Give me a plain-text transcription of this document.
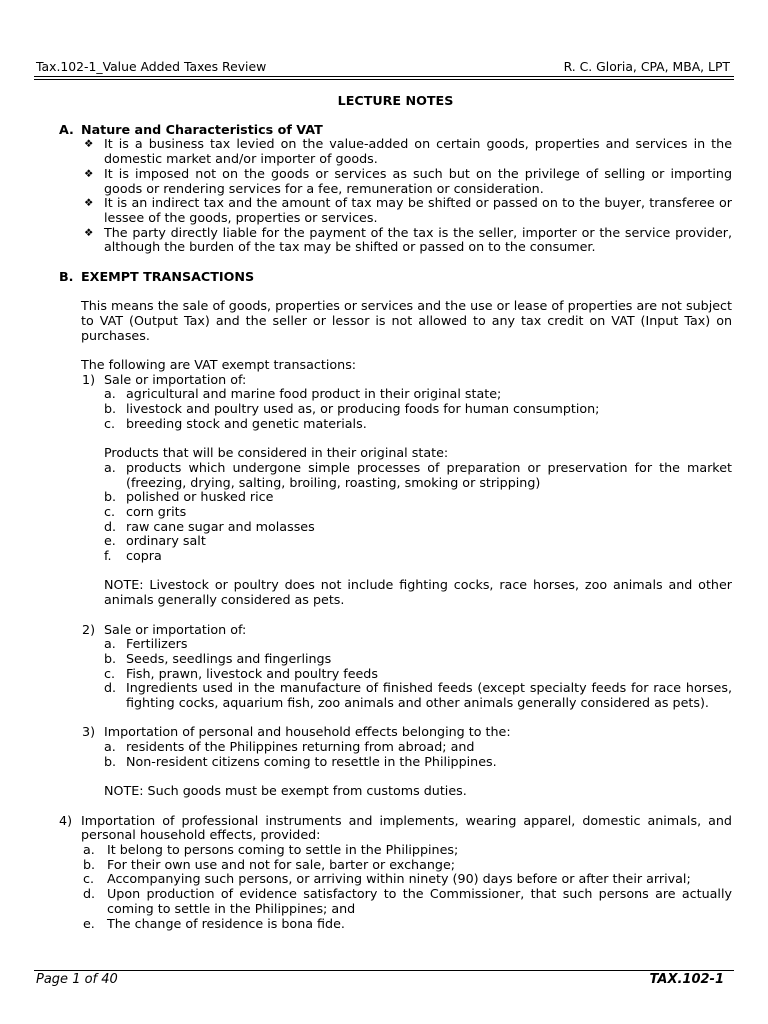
Tax.102-1_Value Added Taxes Review	R. C. Gloria, CPA, MBA, LPT
LECTURE NOTES
A. Nature and Characteristics of VAT
❖ It is a business tax levied on the value-added on certain goods, properties and services in the domestic market and/or importer of goods.
❖ It is imposed not on the goods or services as such but on the privilege of selling or importing goods or rendering services for a fee, remuneration or consideration.
❖ It is an indirect tax and the amount of tax may be shifted or passed on to the buyer, transferee or lessee of the goods, properties or services.
❖ The party directly liable for the payment of the tax is the seller, importer or the service provider, although the burden of the tax may be shifted or passed on to the consumer.
B. EXEMPT TRANSACTIONS
This means the sale of goods, properties or services and the use or lease of properties are not subject to VAT (Output Tax) and the seller or lessor is not allowed to any tax credit on VAT (Input Tax) on purchases.
The following are VAT exempt transactions:
1) Sale or importation of:
a. agricultural and marine food product in their original state;
b. livestock and poultry used as, or producing foods for human consumption;
c. breeding stock and genetic materials.
Products that will be considered in their original state:
a. products which undergone simple processes of preparation or preservation for the market (freezing, drying, salting, broiling, roasting, smoking or stripping)
b. polished or husked rice
c. corn grits
d. raw cane sugar and molasses
e. ordinary salt
f. copra
NOTE: Livestock or poultry does not include fighting cocks, race horses, zoo animals and other animals generally considered as pets.
2) Sale or importation of:
a. Fertilizers
b. Seeds, seedlings and fingerlings
c. Fish, prawn, livestock and poultry feeds
d. Ingredients used in the manufacture of finished feeds (except specialty feeds for race horses, fighting cocks, aquarium fish, zoo animals and other animals generally considered as pets).
3) Importation of personal and household effects belonging to the:
a. residents of the Philippines returning from abroad; and
b. Non-resident citizens coming to resettle in the Philippines.
NOTE: Such goods must be exempt from customs duties.
4) Importation of professional instruments and implements, wearing apparel, domestic animals, and personal household effects, provided:
a. It belong to persons coming to settle in the Philippines;
b. For their own use and not for sale, barter or exchange;
c. Accompanying such persons, or arriving within ninety (90) days before or after their arrival;
d. Upon production of evidence satisfactory to the Commissioner, that such persons are actually coming to settle in the Philippines; and
e. The change of residence is bona fide.
Page 1 of 40	TAX.102-1
